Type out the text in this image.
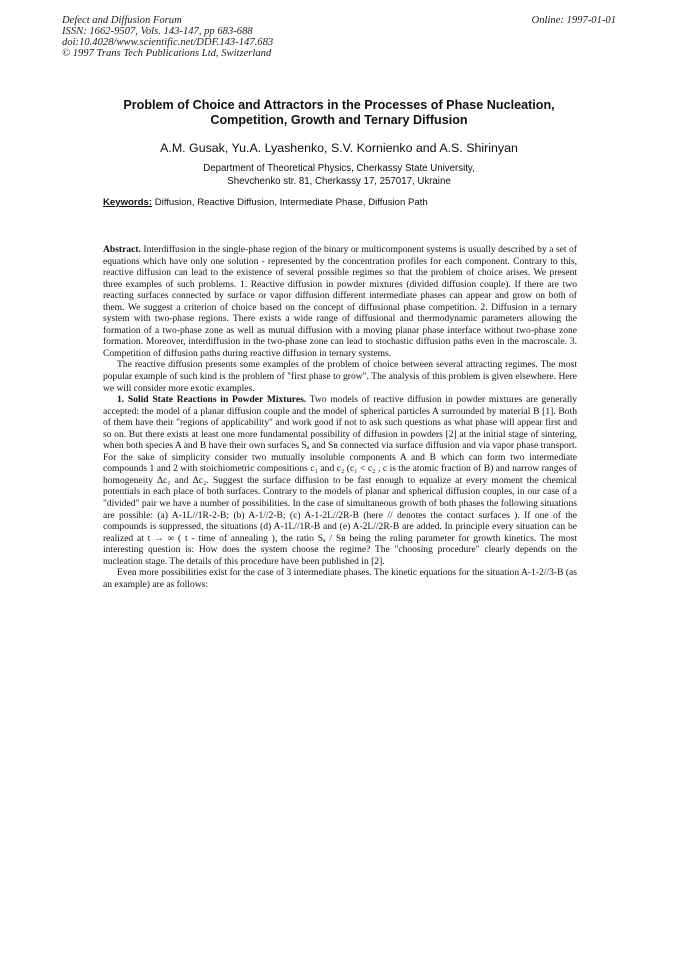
Defect and Diffusion Forum
ISSN: 1662-9507, Vols. 143-147, pp 683-688
doi:10.4028/www.scientific.net/DDF.143-147.683
© 1997 Trans Tech Publications Ltd, Switzerland
Online: 1997-01-01
Problem of Choice and Attractors in the Processes of Phase Nucleation,
Competition, Growth and Ternary Diffusion
A.M. Gusak, Yu.A. Lyashenko, S.V. Kornienko and A.S. Shirinyan
Department of Theoretical Physics, Cherkassy State University,
Shevchenko str. 81, Cherkassy 17, 257017, Ukraine
Keywords: Diffusion, Reactive Diffusion, Intermediate Phase, Diffusion Path

Abstract. Interdiffusion in the single-phase region of the binary or multicomponent systems is usually described by a set of equations which have only one solution - represented by the concentration profiles for each component. Contrary to this, reactive diffusion can lead to the existence of several possible regimes so that the problem of choice arises. We present three examples of such problems. 1. Reactive diffusion in powder mixtures (divided diffusion couple). If there are two reacting surfaces connected by surface or vapor diffusion different intermediate phases can appear and grow on both of them. We suggest a criterion of choice based on the concept of diffusional phase competition. 2. Diffusion in a ternary system with two-phase regions. There exists a wide range of diffusional and thermodynamic parameters allowing the formation of a two-phase zone as well as mutual diffusion with a moving planar phase interface without two-phase zone formation. Moreover, interdiffusion in the two-phase zone can lead to stochastic diffusion paths even in the macroscale. 3. Competition of diffusion paths during reactive diffusion in ternary systems.

The reactive diffusion presents some examples of the problem of choice between several attracting regimes. The most popular example of such kind is the problem of "first phase to grow". The analysis of this problem is given elsewhere. Here we will consider more exotic examples.

1. Solid State Reactions in Powder Mixtures. Two models of reactive diffusion in powder mixtures are generally accepted: the model of a planar diffusion couple and the model of spherical particles A surrounded by material B [1]. Both of them have their "regions of applicability" and work good if not to ask such questions as what phase will appear first and so on. But there exists at least one more fundamental possibility of diffusion in powders [2] at the initial stage of sintering, when both species A and B have their own surfaces Sₐ and Sʙ connected via surface diffusion and via vapor phase transport. For the sake of simplicity consider two mutually insoluble components A and B which can form two intermediate compounds 1 and 2 with stoichiometric compositions c₁ and c₂ (c₁ < c₂ , c is the atomic fraction of B) and narrow ranges of homogeneity Δc₁ and Δc₂. Suggest the surface diffusion to be fast enough to equalize at every moment the chemical potentials in each place of both surfaces. Contrary to the models of planar and spherical diffusion couples, in our case of a "divided" pair we have a number of possibilities. In the case of simultaneous growth of both phases the following situations are possible: (a) A-1L//1R-2-B; (b) A-1//2-B; (c) A-1-2L//2R-B (here // denotes the contact surfaces ). If one of the compounds is suppressed, the situations (d) A-1L//1R-B and (e) A-2L//2R-B are added. In principle every situation can be realized at t → ∞ ( t - time of annealing ), the ratio Sₐ / Sʙ being the ruling parameter for growth kinetics. The most interesting question is: How does the system choose the regime? The "choosing procedure" clearly depends on the nucleation stage. The details of this procedure have been published in [2].

Even more possibilities exist for the case of 3 intermediate phases. The kinetic equations for the situation A-1-2//3-B (as an example) are as follows:
